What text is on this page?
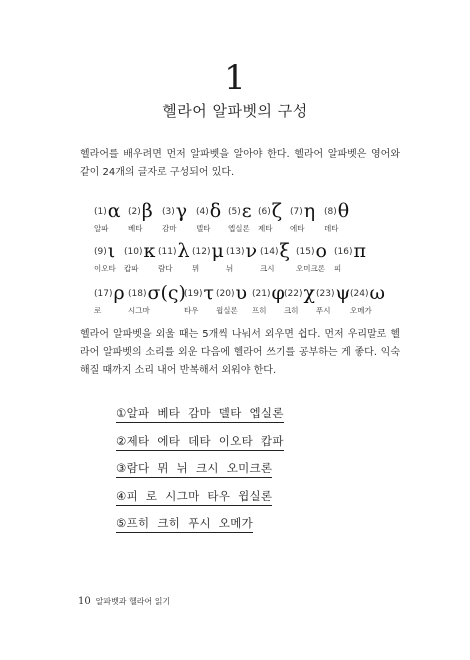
1
헬라어 알파벳의 구성

헬라어를 배우려면 먼저 알파벳을 알아야 한다. 헬라어 알파벳은 영어와 같이 24개의 글자로 구성되어 있다.

(1)α
알파
(2)β
베타
(3)γ
감마
(4)δ
델타
(5)ε
엡실론
(6)ζ
제타
(7)η
에타
(8)θ
데타
(9)ι
이오타
(10)κ
캅파
(11)λ
람다
(12)μ
뮈
(13)ν
뉘
(14)ξ
크시
(15)ο
오미크론
(16)π
피
(17)ρ
로
(18)σ(ς)
시그마
(19)τ
타우
(20)υ
윕실론
(21)φ
프히
(22)χ
크히
(23)ψ
푸시
(24)ω
오메가

헬라어 알파벳을 외울 때는 5개씩 나눠서 외우면 쉽다. 먼저 우리말로 헬라어 알파벳의 소리를 외운 다음에 헬라어 쓰기를 공부하는 게 좋다. 익숙해질 때까지 소리 내어 반복해서 외워야 한다.

①알파  베타  감마  델타  엡실론
②제타  에타  데타  이오타  캅파
③람다  뮈  뉘  크시  오미크론
④피  로  시그마  타우  윕실론
⑤프히  크히  푸시  오메가
10 알파벳과 헬라어 읽기
